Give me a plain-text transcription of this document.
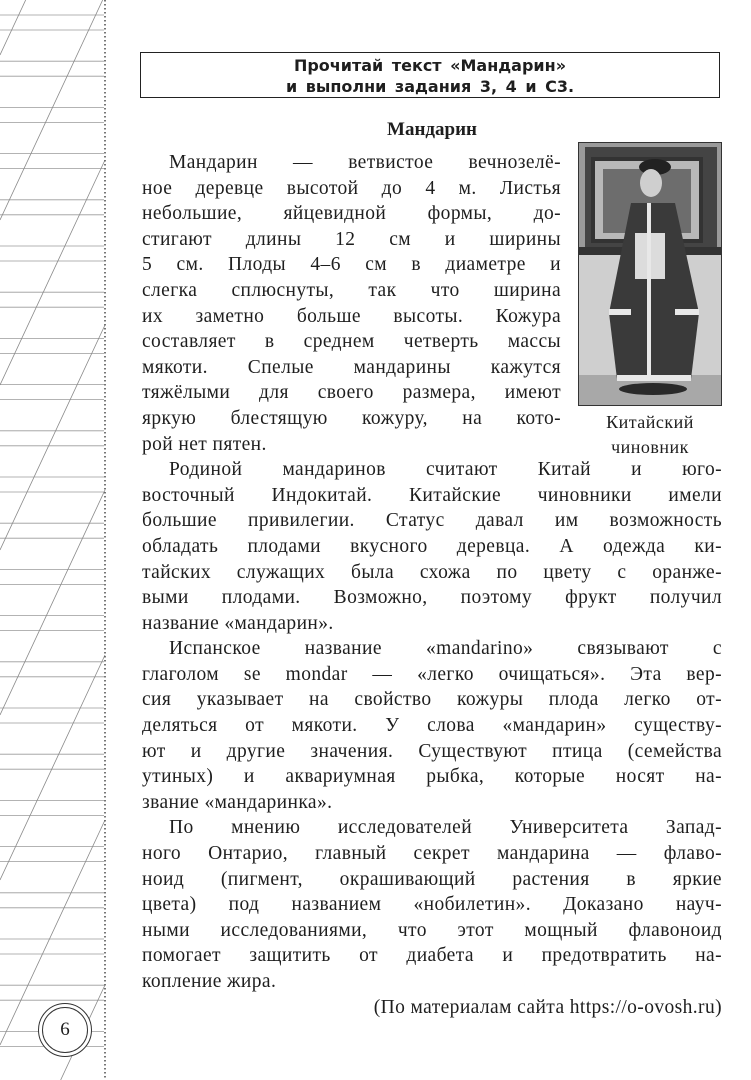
Прочитай текст «Мандарин»
и выполни задания 3, 4 и С3.
Мандарин
Китайский
чиновник
Мандарин — ветвистое вечнозелё-
ное деревце высотой до 4 м. Листья
небольшие, яйцевидной формы, до-
стигают длины 12 см и ширины
5 см. Плоды 4–6 см в диаметре и
слегка сплюснуты, так что ширина
их заметно больше высоты. Кожура
составляет в среднем четверть массы
мякоти. Спелые мандарины кажутся
тяжёлыми для своего размера, имеют
яркую блестящую кожуру, на кото-
рой нет пятен.
Родиной мандаринов считают Китай и юго-
восточный Индокитай. Китайские чиновники имели
большие привилегии. Статус давал им возможность
обладать плодами вкусного деревца. А одежда ки-
тайских служащих была схожа по цвету с оранже-
выми плодами. Возможно, поэтому фрукт получил
название «мандарин».
Испанское название «mandarino» связывают с
глаголом se mondar — «легко очищаться». Эта вер-
сия указывает на свойство кожуры плода легко от-
деляться от мякоти. У слова «мандарин» существу-
ют и другие значения. Существуют птица (семейства
утиных) и аквариумная рыбка, которые носят на-
звание «мандаринка».
По мнению исследователей Университета Запад-
ного Онтарио, главный секрет мандарина — флаво-
ноид (пигмент, окрашивающий растения в яркие
цвета) под названием «нобилетин». Доказано науч-
ными исследованиями, что этот мощный флавоноид
помогает защитить от диабета и предотвратить на-
копление жира.
(По материалам сайта https://o-ovosh.ru)
6
